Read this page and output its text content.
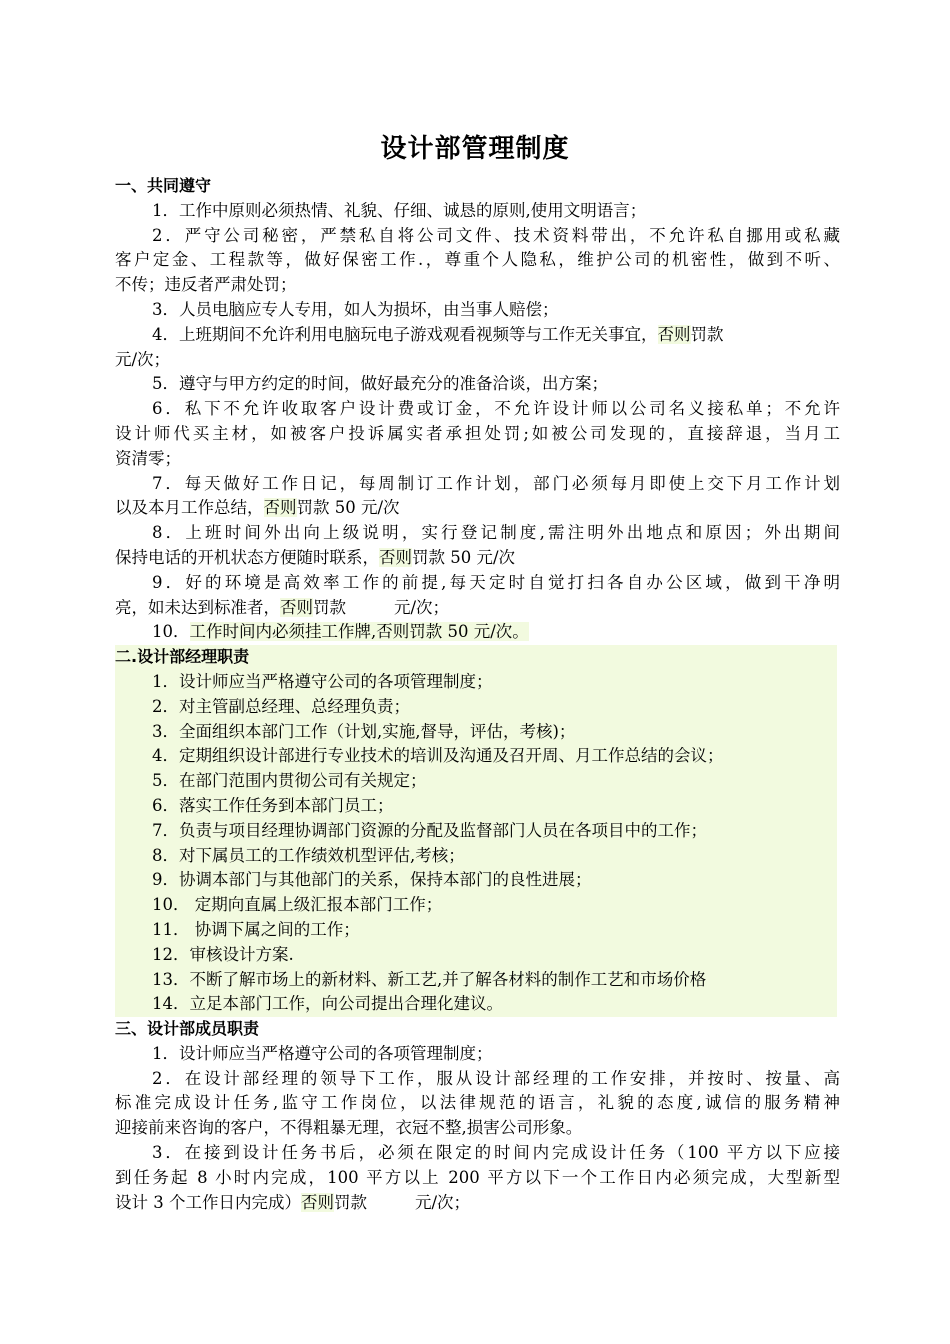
设计部管理制度
一、共同遵守
1．工作中原则必须热情、礼貌、仔细、诚恳的原则,使用文明语言；
2．严守公司秘密，严禁私自将公司文件、技术资料带出，不允许私自挪用或私藏
客户定金、工程款等，做好保密工作.，尊重个人隐私，维护公司的机密性，做到不听、
不传；违反者严肃处罚；
3．人员电脑应专人专用，如人为损坏，由当事人赔偿；
4．上班期间不允许利用电脑玩电子游戏观看视频等与工作无关事宜，否则罚款
元/次；
5．遵守与甲方约定的时间，做好最充分的准备洽谈，出方案；
6．私下不允许收取客户设计费或订金，不允许设计师以公司名义接私单；不允许
设计师代买主材，如被客户投诉属实者承担处罚;如被公司发现的，直接辞退，当月工
资清零；
7．每天做好工作日记，每周制订工作计划，部门必须每月即使上交下月工作计划
以及本月工作总结，否则罚款 50 元/次
8．上班时间外出向上级说明，实行登记制度,需注明外出地点和原因；外出期间
保持电话的开机状态方便随时联系，否则罚款 50 元/次
9．好的环境是高效率工作的前提,每天定时自觉打扫各自办公区域，做到干净明
亮，如未达到标准者，否则罚款	元/次；
10．工作时间内必须挂工作牌,否则罚款 50 元/次。
二.设计部经理职责
1．设计师应当严格遵守公司的各项管理制度；
2．对主管副总经理、总经理负责；
3．全面组织本部门工作（计划,实施,督导，评估，考核)；
4．定期组织设计部进行专业技术的培训及沟通及召开周、月工作总结的会议；
5．在部门范围内贯彻公司有关规定；
6．落实工作任务到本部门员工；
7．负责与项目经理协调部门资源的分配及监督部门人员在各项目中的工作；
8．对下属员工的工作绩效机型评估,考核；
9．协调本部门与其他部门的关系，保持本部门的良性进展；
10． 定期向直属上级汇报本部门工作；
11． 协调下属之间的工作；
12．审核设计方案.
13．不断了解市场上的新材料、新工艺,并了解各材料的制作工艺和市场价格
14．立足本部门工作，向公司提出合理化建议。
三、设计部成员职责
1．设计师应当严格遵守公司的各项管理制度；
2．在设计部经理的领导下工作，服从设计部经理的工作安排，并按时、按量、高
标准完成设计任务,监守工作岗位，以法律规范的语言，礼貌的态度,诚信的服务精神
迎接前来咨询的客户，不得粗暴无理，衣冠不整,损害公司形象。
3．在接到设计任务书后，必须在限定的时间内完成设计任务（100 平方以下应接
到任务起 8 小时内完成，100 平方以上 200 平方以下一个工作日内必须完成，大型新型
设计 3 个工作日内完成）否则罚款	元/次；
